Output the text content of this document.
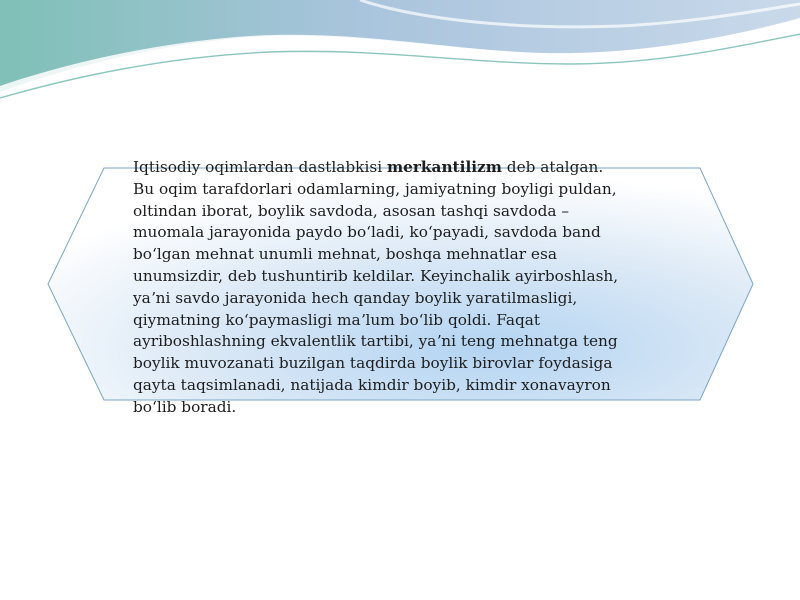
Iqtisodiy oqimlardan dastlabkisi merkantilizm deb atalgan.
Bu oqim tarafdorlari odamlarning, jamiyatning boyligi puldan,
oltindan iborat, boylik savdoda, asosan tashqi savdoda –
muomala jarayonida paydo boʻladi, koʻpayadi, savdoda band
boʻlgan mehnat unumli mehnat, boshqa mehnatlar esa
unumsizdir, deb tushuntirib keldilar. Keyinchalik ayirboshlash,
yaʼni savdo jarayonida hech qanday boylik yaratilmasligi,
qiymatning koʻpaymasligi maʼlum boʻlib qoldi. Faqat
ayriboshlashning ekvalentlik tartibi, yaʼni teng mehnatga teng
boylik muvozanati buzilgan taqdirda boylik birovlar foydasiga
qayta taqsimlanadi, natijada kimdir boyib, kimdir xonavayron
boʻlib boradi.
